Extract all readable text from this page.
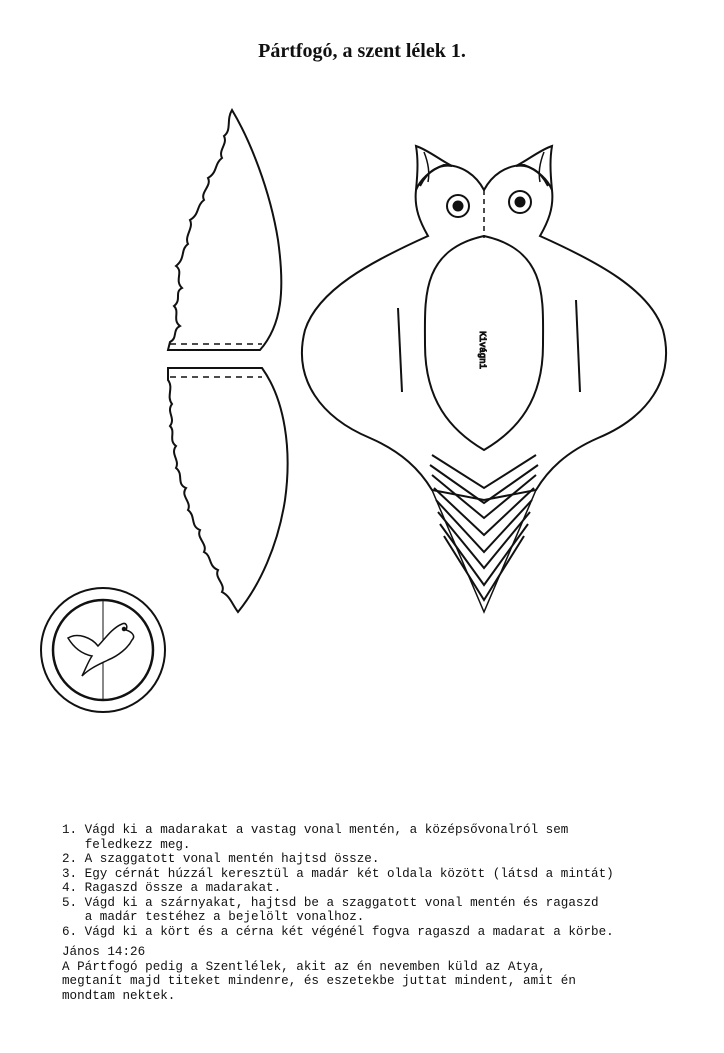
Pártfogó, a szent lélek 1.
Kivágni
1. Vágd ki a madarakat a vastag vonal mentén, a középsővonalról sem
feledkezz meg.
2. A szaggatott vonal mentén hajtsd össze.
3. Egy cérnát húzzál keresztül a madár két oldala között (látsd a mintát)
4. Ragaszd össze a madarakat.
5. Vágd ki a szárnyakat, hajtsd be a szaggatott vonal mentén és ragaszd
a madár testéhez a bejelölt vonalhoz.
6. Vágd ki a kört és a cérna két végénél fogva ragaszd a madarat a körbe.
János 14:26
A Pártfogó pedig a Szentlélek, akit az én nevemben küld az Atya,
megtanít majd titeket mindenre, és eszetekbe juttat mindent, amit én
mondtam nektek.
